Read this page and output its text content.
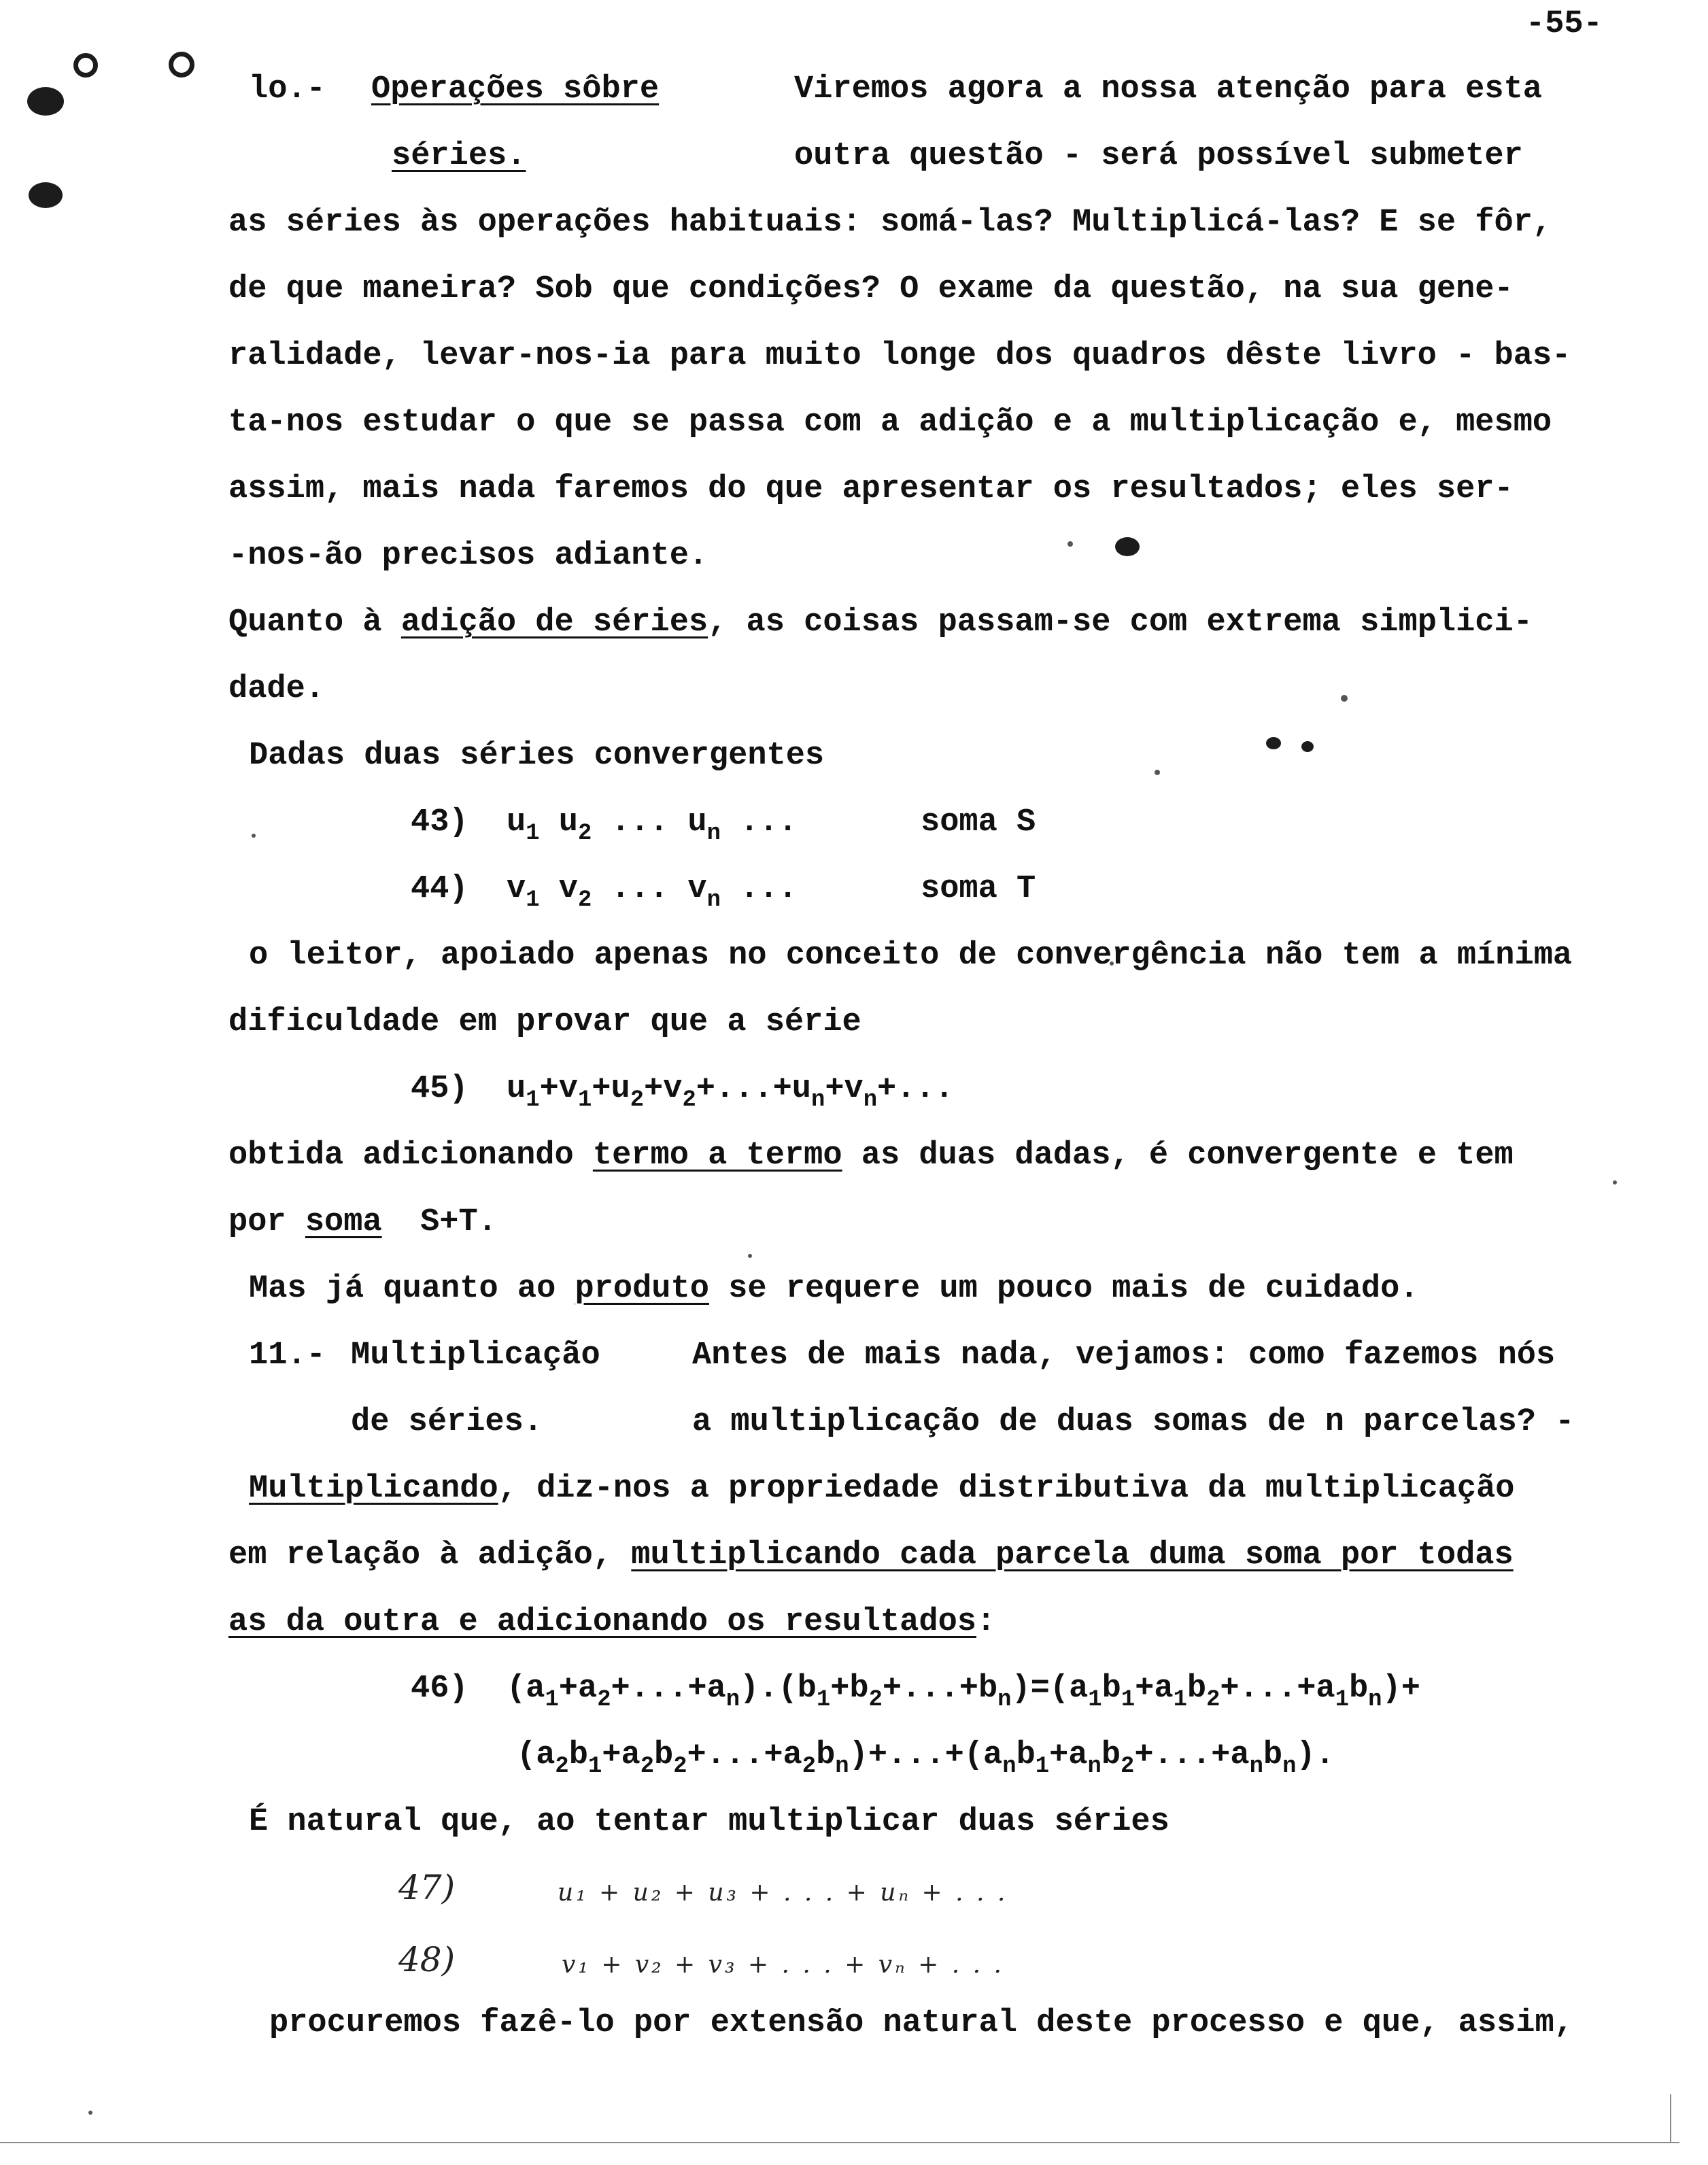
-55-
lo.- Operações sôbre	Viremos agora a nossa atenção para esta
séries.	outra questão - será possível submeter
as séries às operações habituais: somá-las? Multiplicá-las? E se fôr,
de que maneira? Sob que condições? O exame da questão, na sua gene-
ralidade, levar-nos-ia para muito longe dos quadros dêste livro - bas-
ta-nos estudar o que se passa com a adição e a multiplicação e, mesmo
assim, mais nada faremos do que apresentar os resultados; eles ser-
-nos-ão precisos adiante.
Quanto à adição de séries, as coisas passam-se com extrema simplici-
dade.
Dadas duas séries convergentes
43) $u_1$ $u_2$ ... $u_n$ ...	soma S
44) $v_1$ $v_2$ ... $v_n$ ...	soma T
o leitor, apoiado apenas no conceito de convergência não tem a mínima
dificuldade em provar que a série
45)  $u_1+v_1+u_2+v_2+...+u_n+v_n+$...
obtida adicionando termo a termo as duas dadas, é convergente e tem
por soma  S+T.
Mas já quanto ao produto se requere um pouco mais de cuidado.
11.- Multiplicação	Antes de mais nada, vejamos: como fazemos nós
de séries.	a multiplicação de duas somas de n parcelas? -
Multiplicando, diz-nos a propriedade distributiva da multiplicação
em relação à adição, multiplicando cada parcela duma soma por todas
as da outra e adicionando os resultados:
46)  $(a_1+a_2+...+a_n).(b_1+b_2+...+b_n)=(a_1b_1+a_1b_2+...+a_1b_n)+$
$(a_2b_1+a_2b_2+...+a_2b_n)+...+(a_nb_1+a_nb_2+...+a_nb_n)$.
É natural que, ao tentar multiplicar duas séries
47)	u₁ + u₂ + u₃ + . . . + uₙ + . . .
48)	v₁ + v₂ + v₃ + . . . + vₙ + . . .
procuremos fazê-lo por extensão natural deste processo e que, assim,
